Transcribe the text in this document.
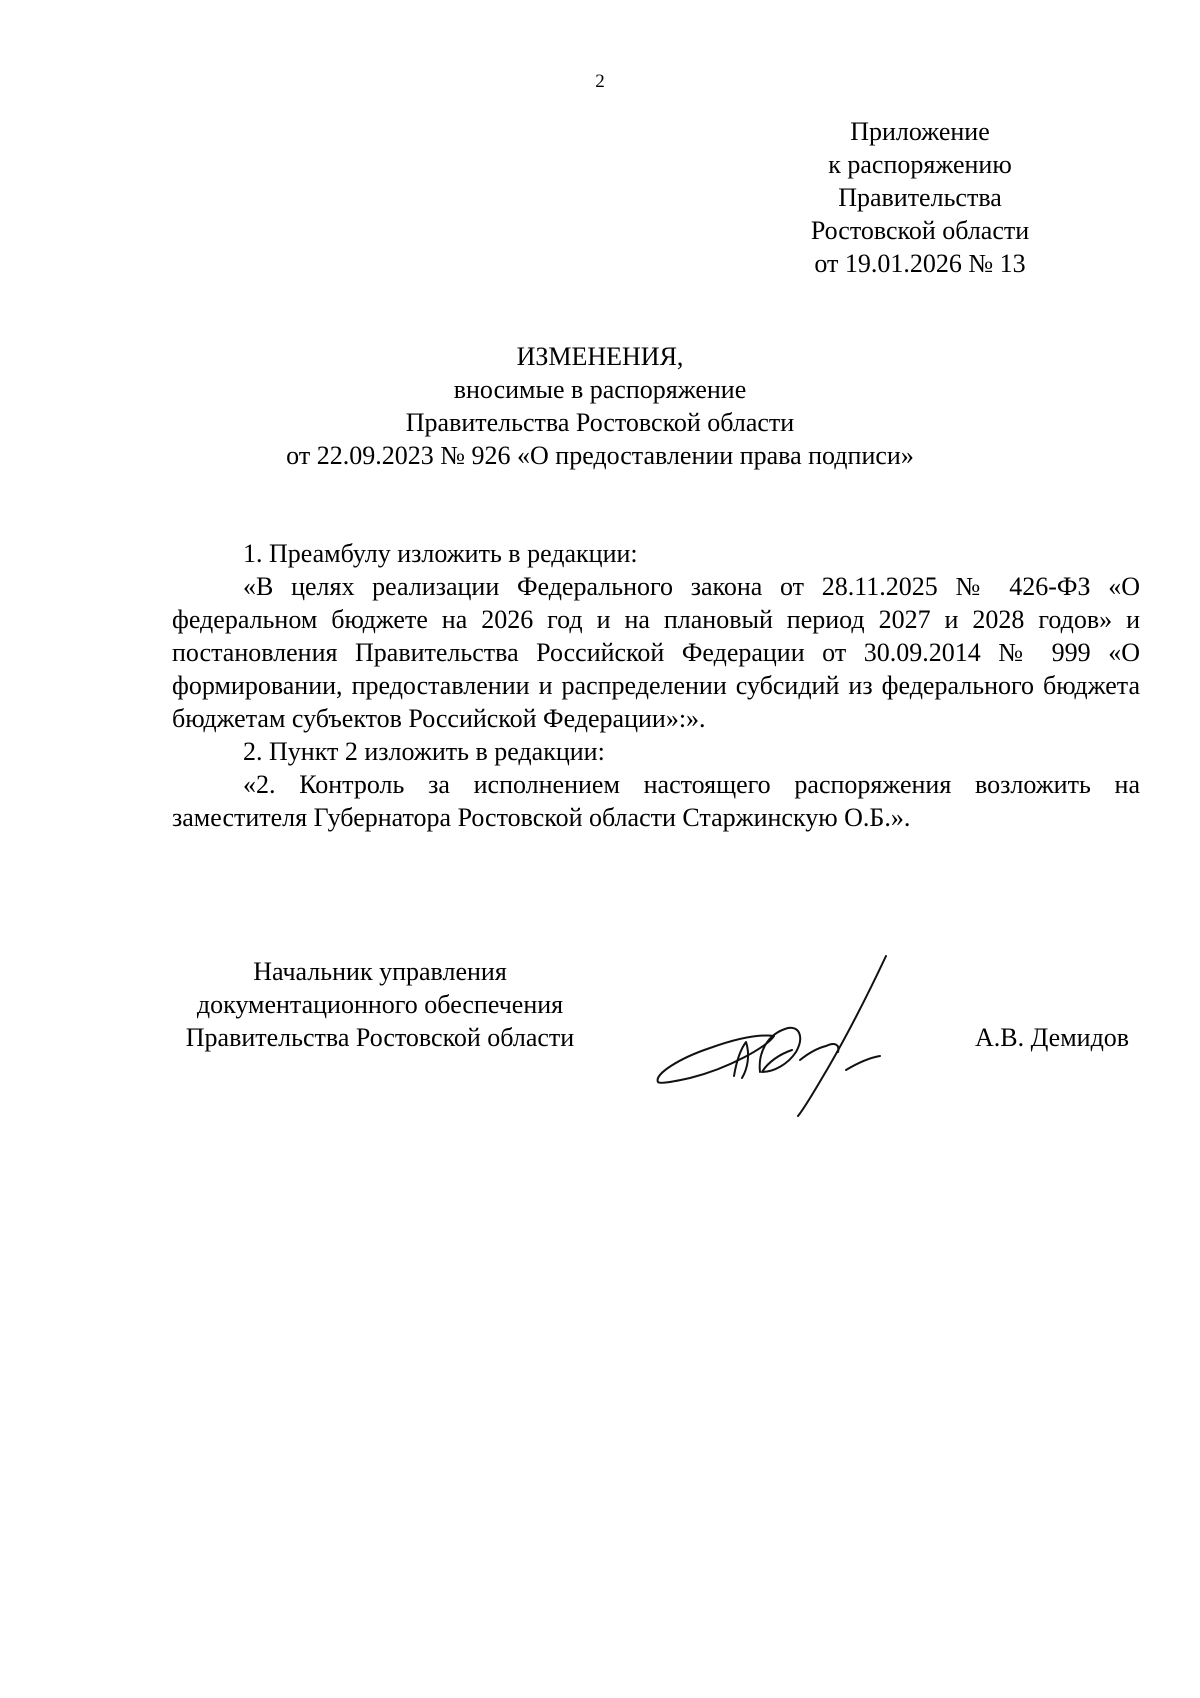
2
Приложение
к распоряжению
Правительства
Ростовской области
от 19.01.2026 № 13
ИЗМЕНЕНИЯ,
вносимые в распоряжение
Правительства Ростовской области
от 22.09.2023 № 926 «О предоставлении права подписи»

1. Преамбулу изложить в редакции:

«В целях реализации Федерального закона от 28.11.2025 № 426-ФЗ «О федеральном бюджете на 2026 год и на плановый период 2027 и 2028 годов» и постановления Правительства Российской Федерации от 30.09.2014 № 999 «О формировании, предоставлении и распределении субсидий из федерального бюджета бюджетам субъектов Российской Федерации»:».

2. Пункт 2 изложить в редакции:

«2. Контроль за исполнением настоящего распоряжения возложить на заместителя Губернатора Ростовской области Старжинскую О.Б.».

Начальник управления
документационного обеспечения
Правительства Ростовской области	А.В. Демидов
